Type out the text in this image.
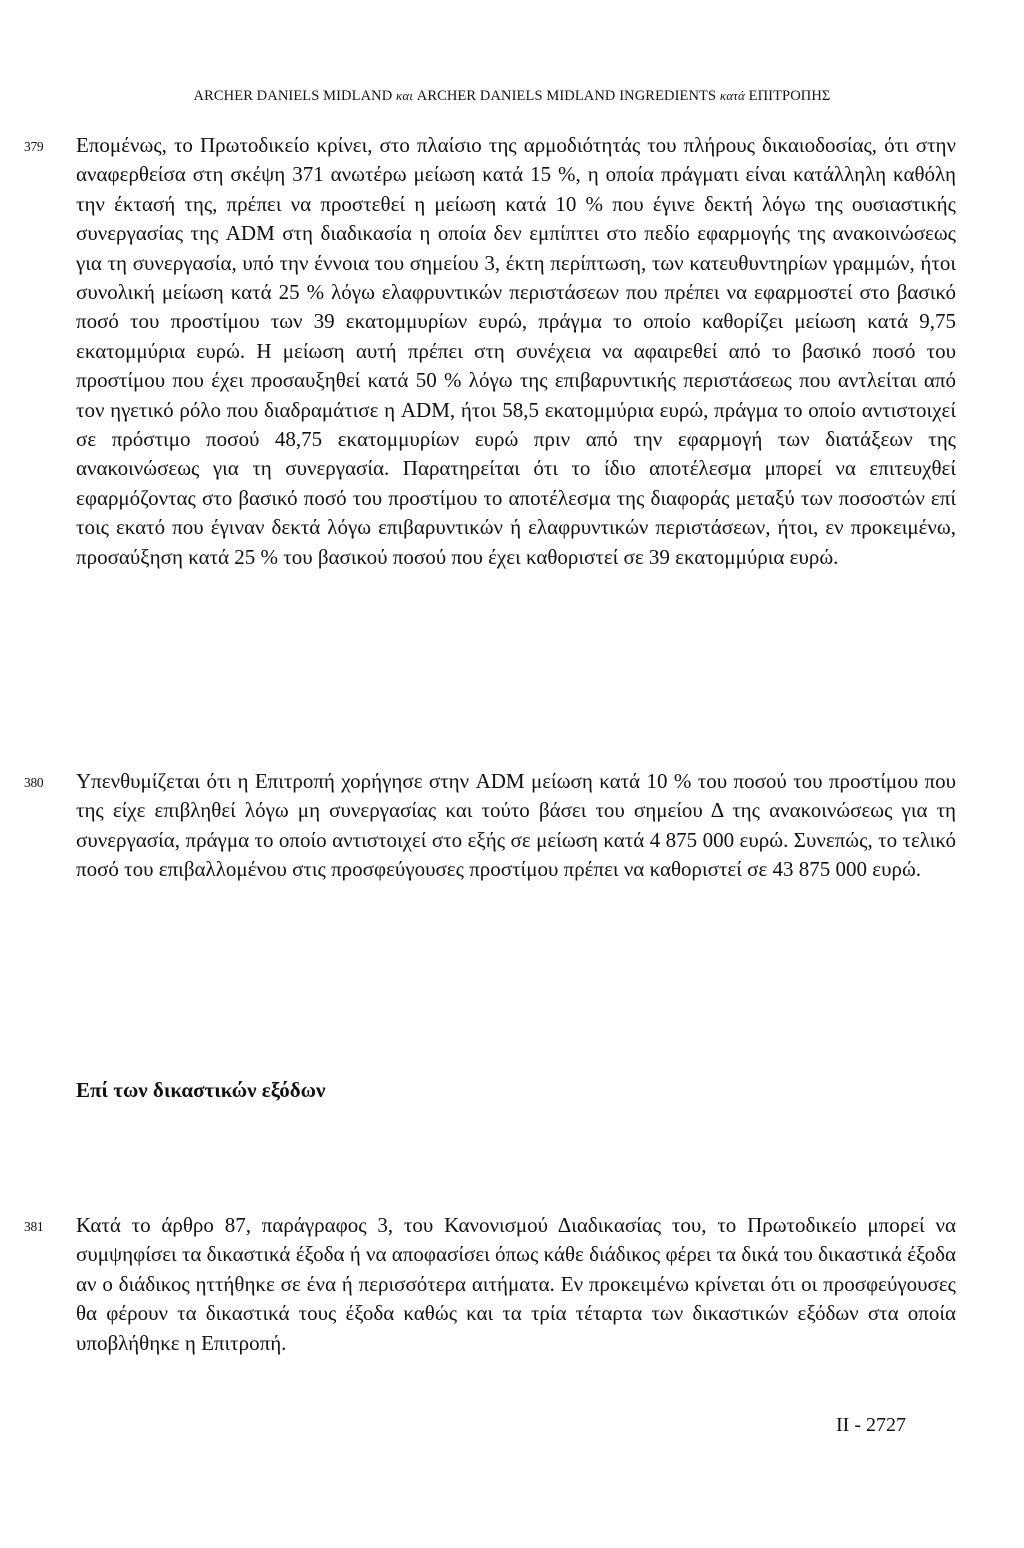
ARCHER DANIELS MIDLAND και ARCHER DANIELS MIDLAND INGREDIENTS κατά ΕΠΙΤΡΟΠΗΣ
379	Επομένως, το Πρωτοδικείο κρίνει, στο πλαίσιο της αρμοδιότητάς του πλήρους δικαιοδοσίας, ότι στην αναφερθείσα στη σκέψη 371 ανωτέρω μείωση κατά 15 %, η οποία πράγματι είναι κατάλληλη καθόλη την έκτασή της, πρέπει να προστεθεί η μείωση κατά 10 % που έγινε δεκτή λόγω της ουσιαστικής συνεργασίας της ADM στη διαδικασία η οποία δεν εμπίπτει στο πεδίο εφαρμογής της ανακοινώσεως για τη συνεργασία, υπό την έννοια του σημείου 3, έκτη περίπτωση, των κατευθυντηρίων γραμμών, ήτοι συνολική μείωση κατά 25 % λόγω ελαφρυντικών περιστάσεων που πρέπει να εφαρμοστεί στο βασικό ποσό του προστίμου των 39 εκατομμυρίων ευρώ, πράγμα το οποίο καθορίζει μείωση κατά 9,75 εκατομμύρια ευρώ. Η μείωση αυτή πρέπει στη συνέχεια να αφαιρεθεί από το βασικό ποσό του προστίμου που έχει προσαυξηθεί κατά 50 % λόγω της επιβαρυντικής περιστάσεως που αντλείται από τον ηγετικό ρόλο που διαδραμάτισε η ADM, ήτοι 58,5 εκατομμύρια ευρώ, πράγμα το οποίο αντιστοιχεί σε πρόστιμο ποσού 48,75 εκατομμυρίων ευρώ πριν από την εφαρμογή των διατάξεων της ανακοινώσεως για τη συνεργασία. Παρατηρείται ότι το ίδιο αποτέλεσμα μπορεί να επιτευχθεί εφαρμόζοντας στο βασικό ποσό του προστίμου το αποτέλεσμα της διαφοράς μεταξύ των ποσοστών επί τοις εκατό που έγιναν δεκτά λόγω επιβαρυντικών ή ελαφρυντικών περιστάσεων, ήτοι, εν προκειμένω, προσαύξηση κατά 25 % του βασικού ποσού που έχει καθοριστεί σε 39 εκατομμύρια ευρώ.

380	Υπενθυμίζεται ότι η Επιτροπή χορήγησε στην ADM μείωση κατά 10 % του ποσού του προστίμου που της είχε επιβληθεί λόγω μη συνεργασίας και τούτο βάσει του σημείου Δ της ανακοινώσεως για τη συνεργασία, πράγμα το οποίο αντιστοιχεί στο εξής σε μείωση κατά 4 875 000 ευρώ. Συνεπώς, το τελικό ποσό του επιβαλλομένου στις προσφεύγουσες προστίμου πρέπει να καθοριστεί σε 43 875 000 ευρώ.

Επί των δικαστικών εξόδων
381	Κατά το άρθρο 87, παράγραφος 3, του Κανονισμού Διαδικασίας του, το Πρωτοδικείο μπορεί να συμψηφίσει τα δικαστικά έξοδα ή να αποφασίσει όπως κάθε διάδικος φέρει τα δικά του δικαστικά έξοδα αν ο διάδικος ηττήθηκε σε ένα ή περισσότερα αιτήματα. Εν προκειμένω κρίνεται ότι οι προσφεύγουσες θα φέρουν τα δικαστικά τους έξοδα καθώς και τα τρία τέταρτα των δικαστικών εξόδων στα οποία υποβλήθηκε η Επιτροπή.

II - 2727
